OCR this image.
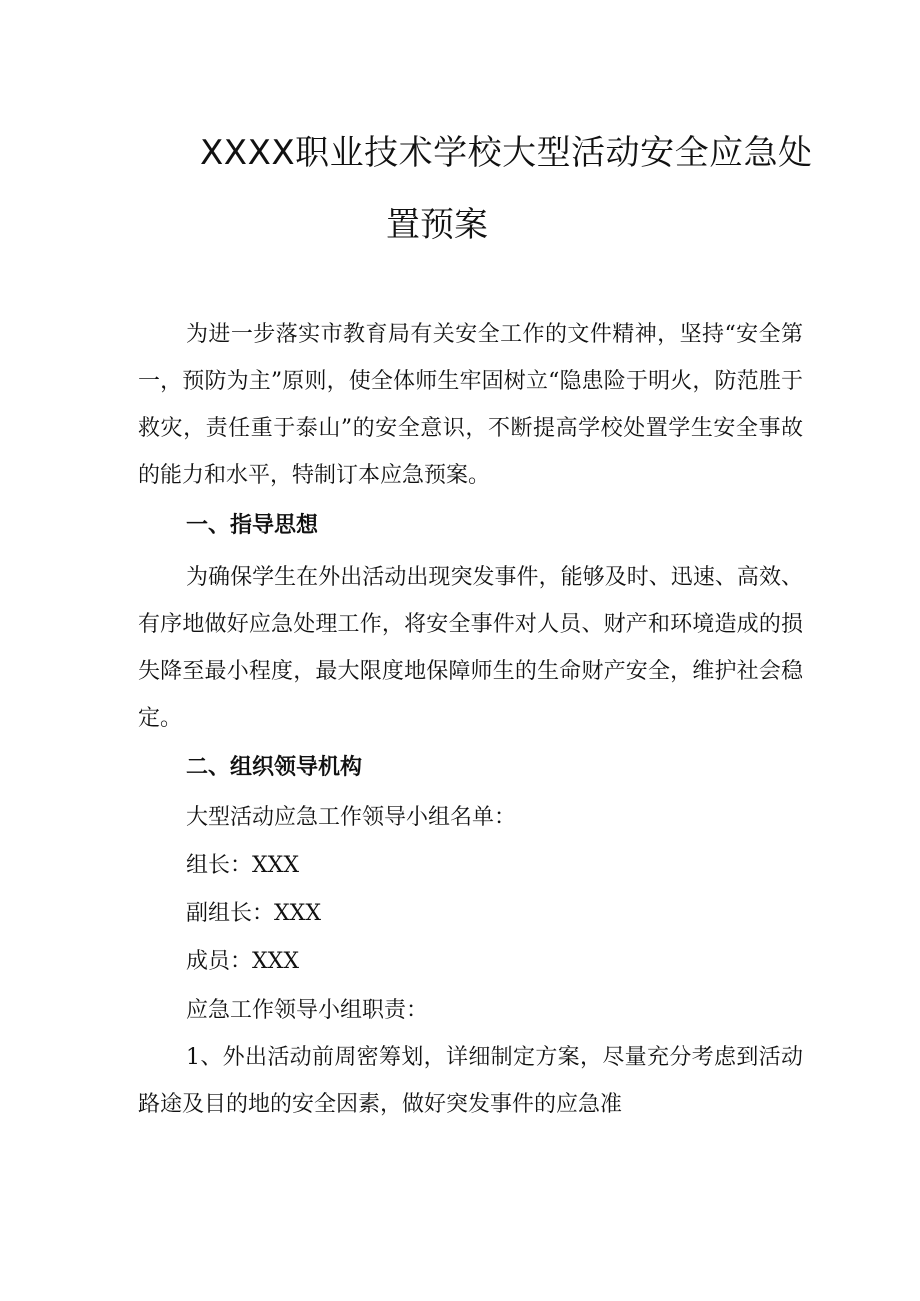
XXXX职业技术学校大型活动安全应急处
置预案
为进一步落实市教育局有关安全工作的文件精神，坚持“安全第一，预防为主”原则，使全体师生牢固树立“隐患险于明火，防范胜于救灾，责任重于泰山”的安全意识，不断提高学校处置学生安全事故的能力和水平，特制订本应急预案。
一、指导思想
为确保学生在外出活动出现突发事件，能够及时、迅速、高效、有序地做好应急处理工作，将安全事件对人员、财产和环境造成的损失降至最小程度，最大限度地保障师生的生命财产安全，维护社会稳定。
二、组织领导机构
大型活动应急工作领导小组名单：
组长：XXX
副组长：XXX
成员：XXX
应急工作领导小组职责：
1、外出活动前周密筹划，详细制定方案，尽量充分考虑到活动路途及目的地的安全因素，做好突发事件的应急准
